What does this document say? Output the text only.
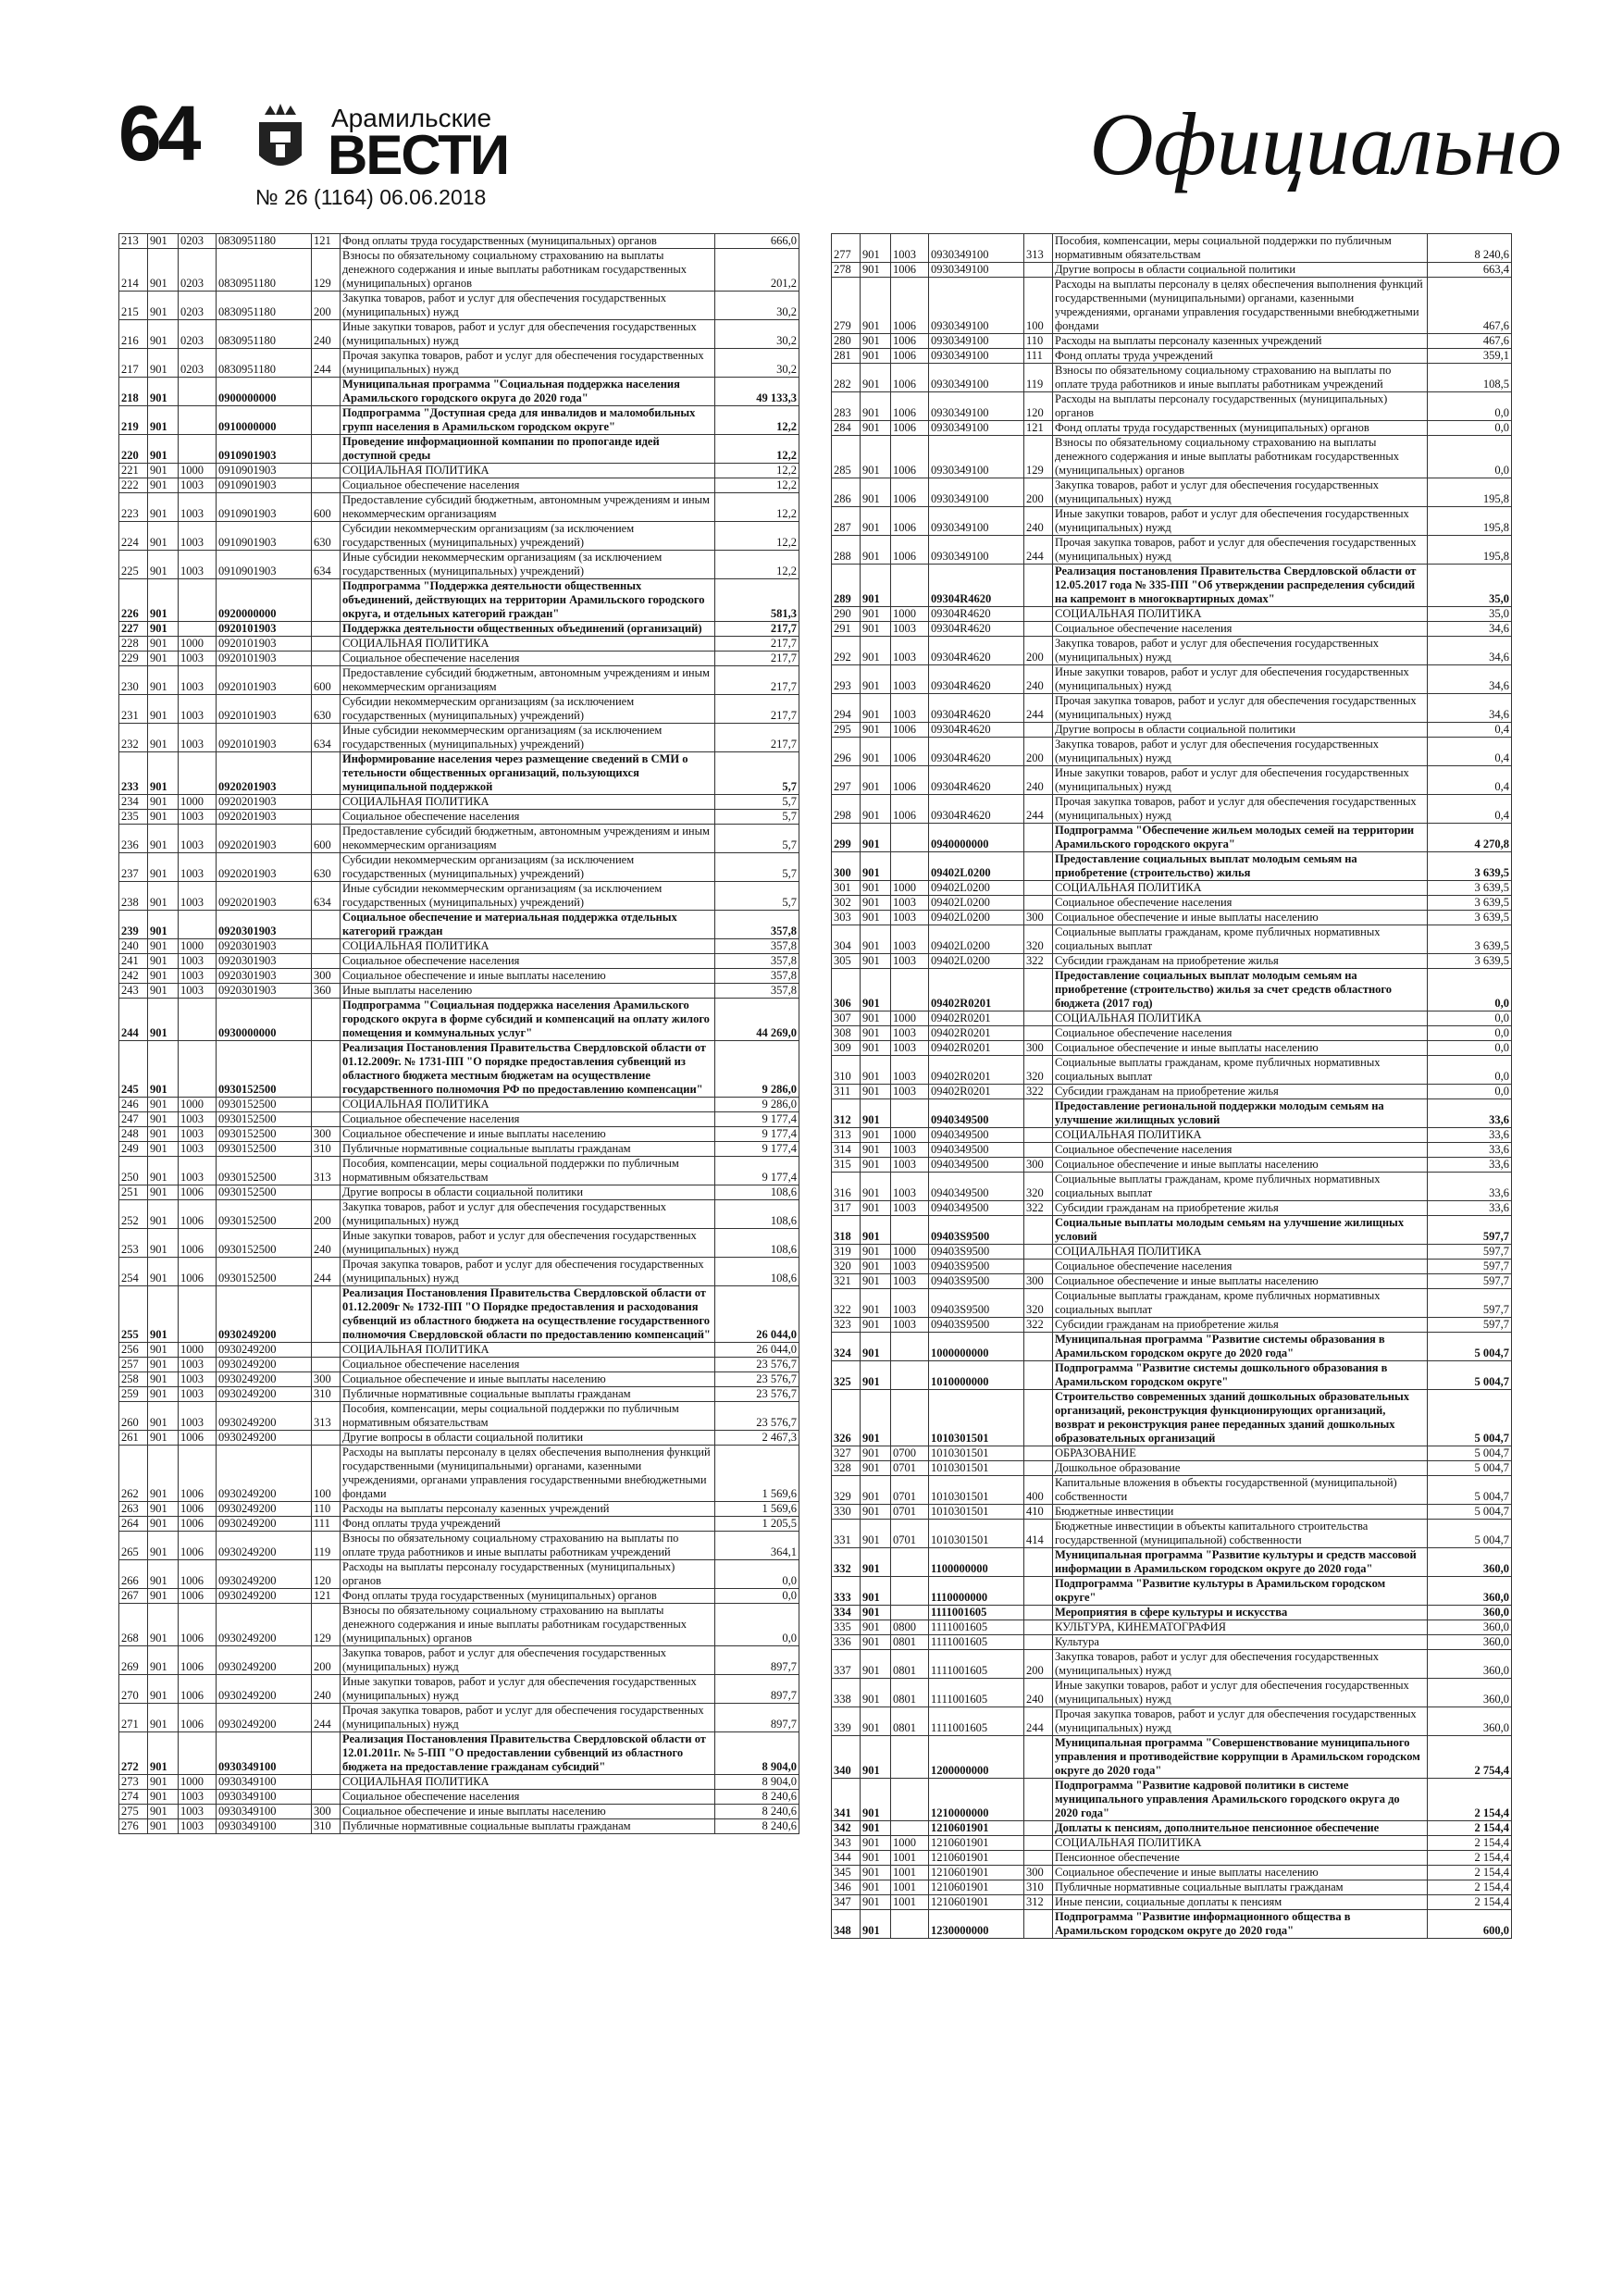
64	Арамильские
ВЕСТИ
№ 26 (1164) 06.06.2018
Официально
213	901	0203	0830951180	121	Фонд оплаты труда государственных (муниципальных) органов	666,0
214	901	0203	0830951180	129	Взносы по обязательному социальному страхованию на выплаты денежного содержания и иные выплаты работникам государственных (муниципальных) органов	201,2
215	901	0203	0830951180	200	Закупка товаров, работ и услуг для обеспечения государственных (муниципальных) нужд	30,2
216	901	0203	0830951180	240	Иные закупки товаров, работ и услуг для обеспечения государственных (муниципальных) нужд	30,2
217	901	0203	0830951180	244	Прочая закупка товаров, работ и услуг для обеспечения государственных (муниципальных) нужд	30,2
218	901		0900000000		Муниципальная программа "Социальная поддержка населения Арамильского городского округа до 2020 года"	49 133,3
219	901		0910000000		Подпрограмма "Доступная среда для инвалидов и маломобильных групп населения в Арамильском городском округе"	12,2
220	901		0910901903		Проведение информационной компании по пропоганде идей доступной среды	12,2
221	901	1000	0910901903		СОЦИАЛЬНАЯ ПОЛИТИКА	12,2
222	901	1003	0910901903		Социальное обеспечение населения	12,2
223	901	1003	0910901903	600	Предоставление субсидий бюджетным, автономным учреждениям и иным некоммерческим организациям	12,2
224	901	1003	0910901903	630	Субсидии некоммерческим организациям (за исключением государственных (муниципальных) учреждений)	12,2
225	901	1003	0910901903	634	Иные субсидии некоммерческим организациям (за исключением государственных (муниципальных) учреждений)	12,2
226	901		0920000000		Подпрограмма "Поддержка деятельности общественных объединений, действующих на территории Арамильского городского округа, и отдельных категорий граждан"	581,3
227	901		0920101903		Поддержка деятельности общественных объединений (организаций)	217,7
228	901	1000	0920101903		СОЦИАЛЬНАЯ ПОЛИТИКА	217,7
229	901	1003	0920101903		Социальное обеспечение населения	217,7
230	901	1003	0920101903	600	Предоставление субсидий бюджетным, автономным учреждениям и иным некоммерческим организациям	217,7
231	901	1003	0920101903	630	Субсидии некоммерческим организациям (за исключением государственных (муниципальных) учреждений)	217,7
232	901	1003	0920101903	634	Иные субсидии некоммерческим организациям (за исключением государственных (муниципальных) учреждений)	217,7
233	901		0920201903		Информирование населения через размещение сведений в СМИ о тетельности общественных организаций, пользующихся муниципальной поддержкой	5,7
234	901	1000	0920201903		СОЦИАЛЬНАЯ ПОЛИТИКА	5,7
235	901	1003	0920201903		Социальное обеспечение населения	5,7
236	901	1003	0920201903	600	Предоставление субсидий бюджетным, автономным учреждениям и иным некоммерческим организациям	5,7
237	901	1003	0920201903	630	Субсидии некоммерческим организациям (за исключением государственных (муниципальных) учреждений)	5,7
238	901	1003	0920201903	634	Иные субсидии некоммерческим организациям (за исключением государственных (муниципальных) учреждений)	5,7
239	901		0920301903		Социальное обеспечение и материальная поддержка отдельных категорий граждан	357,8
240	901	1000	0920301903		СОЦИАЛЬНАЯ ПОЛИТИКА	357,8
241	901	1003	0920301903		Социальное обеспечение населения	357,8
242	901	1003	0920301903	300	Социальное обеспечение и иные выплаты населению	357,8
243	901	1003	0920301903	360	Иные выплаты населению	357,8
244	901		0930000000		Подпрограмма "Социальная поддержка населения Арамильского городского округа в форме субсидий и компенсаций на оплату жилого помещения и коммунальных услуг"	44 269,0
245	901		0930152500		Реализация Постановления Правительства Свердловской области от 01.12.2009г. № 1731-ПП "О порядке предоставления субвенций из областного бюджета местным бюджетам на осуществление государственного полномочия РФ по предоставлению компенсации"	9 286,0
246	901	1000	0930152500		СОЦИАЛЬНАЯ ПОЛИТИКА	9 286,0
247	901	1003	0930152500		Социальное обеспечение населения	9 177,4
248	901	1003	0930152500	300	Социальное обеспечение и иные выплаты населению	9 177,4
249	901	1003	0930152500	310	Публичные нормативные социальные выплаты гражданам	9 177,4
250	901	1003	0930152500	313	Пособия, компенсации, меры социальной поддержки по публичным нормативным обязательствам	9 177,4
251	901	1006	0930152500		Другие вопросы в области социальной политики	108,6
252	901	1006	0930152500	200	Закупка товаров, работ и услуг для обеспечения государственных (муниципальных) нужд	108,6
253	901	1006	0930152500	240	Иные закупки товаров, работ и услуг для обеспечения государственных (муниципальных) нужд	108,6
254	901	1006	0930152500	244	Прочая закупка товаров, работ и услуг для обеспечения государственных (муниципальных) нужд	108,6
255	901		0930249200		Реализация Постановления Правительства Свердловской области от 01.12.2009г № 1732-ПП "О Порядке предоставления и расходования субвенций из областного бюджета на осуществление государственного полномочия Свердловской области по предоставлению компенсаций"	26 044,0
256	901	1000	0930249200		СОЦИАЛЬНАЯ ПОЛИТИКА	26 044,0
257	901	1003	0930249200		Социальное обеспечение населения	23 576,7
258	901	1003	0930249200	300	Социальное обеспечение и иные выплаты населению	23 576,7
259	901	1003	0930249200	310	Публичные нормативные социальные выплаты гражданам	23 576,7
260	901	1003	0930249200	313	Пособия, компенсации, меры социальной поддержки по публичным нормативным обязательствам	23 576,7
261	901	1006	0930249200		Другие вопросы в области социальной политики	2 467,3
262	901	1006	0930249200	100	Расходы на выплаты персоналу в целях обеспечения выполнения функций государственными (муниципальными) органами, казенными учреждениями, органами управления государственными внебюджетными фондами	1 569,6
263	901	1006	0930249200	110	Расходы на выплаты персоналу казенных учреждений	1 569,6
264	901	1006	0930249200	111	Фонд оплаты труда учреждений	1 205,5
265	901	1006	0930249200	119	Взносы по обязательному социальному страхованию на выплаты по оплате труда работников и иные выплаты работникам учреждений	364,1
266	901	1006	0930249200	120	Расходы на выплаты персоналу государственных (муниципальных) органов	0,0
267	901	1006	0930249200	121	Фонд оплаты труда государственных (муниципальных) органов	0,0
268	901	1006	0930249200	129	Взносы по обязательному социальному страхованию на выплаты денежного содержания и иные выплаты работникам государственных (муниципальных) органов	0,0
269	901	1006	0930249200	200	Закупка товаров, работ и услуг для обеспечения государственных (муниципальных) нужд	897,7
270	901	1006	0930249200	240	Иные закупки товаров, работ и услуг для обеспечения государственных (муниципальных) нужд	897,7
271	901	1006	0930249200	244	Прочая закупка товаров, работ и услуг для обеспечения государственных (муниципальных) нужд	897,7
272	901		0930349100		Реализация Постановления Правительства Свердловской области от 12.01.2011г. № 5-ПП "О предоставлении субвенций из областного бюджета на предоставление гражданам субсидий"	8 904,0
273	901	1000	0930349100		СОЦИАЛЬНАЯ ПОЛИТИКА	8 904,0
274	901	1003	0930349100		Социальное обеспечение населения	8 240,6
275	901	1003	0930349100	300	Социальное обеспечение и иные выплаты населению	8 240,6
276	901	1003	0930349100	310	Публичные нормативные социальные выплаты гражданам	8 240,6
277	901	1003	0930349100	313	Пособия, компенсации, меры социальной поддержки по публичным нормативным обязательствам	8 240,6
278	901	1006	0930349100		Другие вопросы в области социальной политики	663,4
279	901	1006	0930349100	100	Расходы на выплаты персоналу в целях обеспечения выполнения функций государственными (муниципальными) органами, казенными учреждениями, органами управления государственными внебюджетными фондами	467,6
280	901	1006	0930349100	110	Расходы на выплаты персоналу казенных учреждений	467,6
281	901	1006	0930349100	111	Фонд оплаты труда учреждений	359,1
282	901	1006	0930349100	119	Взносы по обязательному социальному страхованию на выплаты по оплате труда работников и иные выплаты работникам учреждений	108,5
283	901	1006	0930349100	120	Расходы на выплаты персоналу государственных (муниципальных) органов	0,0
284	901	1006	0930349100	121	Фонд оплаты труда государственных (муниципальных) органов	0,0
285	901	1006	0930349100	129	Взносы по обязательному социальному страхованию на выплаты денежного содержания и иные выплаты работникам государственных (муниципальных) органов	0,0
286	901	1006	0930349100	200	Закупка товаров, работ и услуг для обеспечения государственных (муниципальных) нужд	195,8
287	901	1006	0930349100	240	Иные закупки товаров, работ и услуг для обеспечения государственных (муниципальных) нужд	195,8
288	901	1006	0930349100	244	Прочая закупка товаров, работ и услуг для обеспечения государственных (муниципальных) нужд	195,8
289	901		09304R4620		Реализация постановления Правительства Свердловской области от 12.05.2017 года № 335-ПП "Об утверждении распределения субсидий на капремонт в многоквартирных домах"	35,0
290	901	1000	09304R4620		СОЦИАЛЬНАЯ ПОЛИТИКА	35,0
291	901	1003	09304R4620		Социальное обеспечение населения	34,6
292	901	1003	09304R4620	200	Закупка товаров, работ и услуг для обеспечения государственных (муниципальных) нужд	34,6
293	901	1003	09304R4620	240	Иные закупки товаров, работ и услуг для обеспечения государственных (муниципальных) нужд	34,6
294	901	1003	09304R4620	244	Прочая закупка товаров, работ и услуг для обеспечения государственных (муниципальных) нужд	34,6
295	901	1006	09304R4620		Другие вопросы в области социальной политики	0,4
296	901	1006	09304R4620	200	Закупка товаров, работ и услуг для обеспечения государственных (муниципальных) нужд	0,4
297	901	1006	09304R4620	240	Иные закупки товаров, работ и услуг для обеспечения государственных (муниципальных) нужд	0,4
298	901	1006	09304R4620	244	Прочая закупка товаров, работ и услуг для обеспечения государственных (муниципальных) нужд	0,4
299	901		0940000000		Подпрограмма "Обеспечение жильем молодых семей на территории Арамильского городского округа"	4 270,8
300	901		09402L0200		Предоставление социальных выплат молодым семьям на приобретение (строительство) жилья	3 639,5
301	901	1000	09402L0200		СОЦИАЛЬНАЯ ПОЛИТИКА	3 639,5
302	901	1003	09402L0200		Социальное обеспечение населения	3 639,5
303	901	1003	09402L0200	300	Социальное обеспечение и иные выплаты населению	3 639,5
304	901	1003	09402L0200	320	Социальные выплаты гражданам, кроме публичных нормативных социальных выплат	3 639,5
305	901	1003	09402L0200	322	Субсидии гражданам на приобретение жилья	3 639,5
306	901		09402R0201		Предоставление социальных выплат молодым семьям на приобретение (строительство) жилья за счет средств областного бюджета (2017 год)	0,0
307	901	1000	09402R0201		СОЦИАЛЬНАЯ ПОЛИТИКА	0,0
308	901	1003	09402R0201		Социальное обеспечение населения	0,0
309	901	1003	09402R0201	300	Социальное обеспечение и иные выплаты населению	0,0
310	901	1003	09402R0201	320	Социальные выплаты гражданам, кроме публичных нормативных социальных выплат	0,0
311	901	1003	09402R0201	322	Субсидии гражданам на приобретение жилья	0,0
312	901		0940349500		Предоставление региональной поддержки молодым семьям на улучшение жилищных условий	33,6
313	901	1000	0940349500		СОЦИАЛЬНАЯ ПОЛИТИКА	33,6
314	901	1003	0940349500		Социальное обеспечение населения	33,6
315	901	1003	0940349500	300	Социальное обеспечение и иные выплаты населению	33,6
316	901	1003	0940349500	320	Социальные выплаты гражданам, кроме публичных нормативных социальных выплат	33,6
317	901	1003	0940349500	322	Субсидии гражданам на приобретение жилья	33,6
318	901		09403S9500		Социальные выплаты молодым семьям на улучшение жилищных условий	597,7
319	901	1000	09403S9500		СОЦИАЛЬНАЯ ПОЛИТИКА	597,7
320	901	1003	09403S9500		Социальное обеспечение населения	597,7
321	901	1003	09403S9500	300	Социальное обеспечение и иные выплаты населению	597,7
322	901	1003	09403S9500	320	Социальные выплаты гражданам, кроме публичных нормативных социальных выплат	597,7
323	901	1003	09403S9500	322	Субсидии гражданам на приобретение жилья	597,7
324	901		1000000000		Муниципальная программа "Развитие системы образования в Арамильском городском округе до 2020 года"	5 004,7
325	901		1010000000		Подпрограмма "Развитие системы дошкольного образования в Арамильском городском округе"	5 004,7
326	901		1010301501		Строительство современных зданий дошкольных образовательных организаций, реконструкция функционирующих организаций, возврат и реконструкция ранее переданных зданий дошкольных образовательных организаций	5 004,7
327	901	0700	1010301501		ОБРАЗОВАНИЕ	5 004,7
328	901	0701	1010301501		Дошкольное образование	5 004,7
329	901	0701	1010301501	400	Капитальные вложения в объекты государственной (муниципальной) собственности	5 004,7
330	901	0701	1010301501	410	Бюджетные инвестиции	5 004,7
331	901	0701	1010301501	414	Бюджетные инвестиции в объекты капитального строительства государственной (муниципальной) собственности	5 004,7
332	901		1100000000		Муниципальная программа "Развитие культуры и средств массовой информации в Арамильском городском округе до 2020 года"	360,0
333	901		1110000000		Подпрограмма "Развитие культуры в Арамильском городском округе"	360,0
334	901		1111001605		Мероприятия в сфере культуры и искусства	360,0
335	901	0800	1111001605		КУЛЬТУРА, КИНЕМАТОГРАФИЯ	360,0
336	901	0801	1111001605		Культура	360,0
337	901	0801	1111001605	200	Закупка товаров, работ и услуг для обеспечения государственных (муниципальных) нужд	360,0
338	901	0801	1111001605	240	Иные закупки товаров, работ и услуг для обеспечения государственных (муниципальных) нужд	360,0
339	901	0801	1111001605	244	Прочая закупка товаров, работ и услуг для обеспечения государственных (муниципальных) нужд	360,0
340	901		1200000000		Муниципальная программа "Совершенствование муниципального управления и противодействие коррупции в Арамильском городском округе до 2020 года"	2 754,4
341	901		1210000000		Подпрограмма "Развитие кадровой политики в системе муниципального управления Арамильского городского округа до 2020 года"	2 154,4
342	901		1210601901		Доплаты к пенсиям, дополнительное пенсионное обеспечение	2 154,4
343	901	1000	1210601901		СОЦИАЛЬНАЯ ПОЛИТИКА	2 154,4
344	901	1001	1210601901		Пенсионное обеспечение	2 154,4
345	901	1001	1210601901	300	Социальное обеспечение и иные выплаты населению	2 154,4
346	901	1001	1210601901	310	Публичные нормативные социальные выплаты гражданам	2 154,4
347	901	1001	1210601901	312	Иные пенсии, социальные доплаты к пенсиям	2 154,4
348	901		1230000000		Подпрограмма "Развитие информационного общества в Арамильском городском округе до 2020 года"	600,0
